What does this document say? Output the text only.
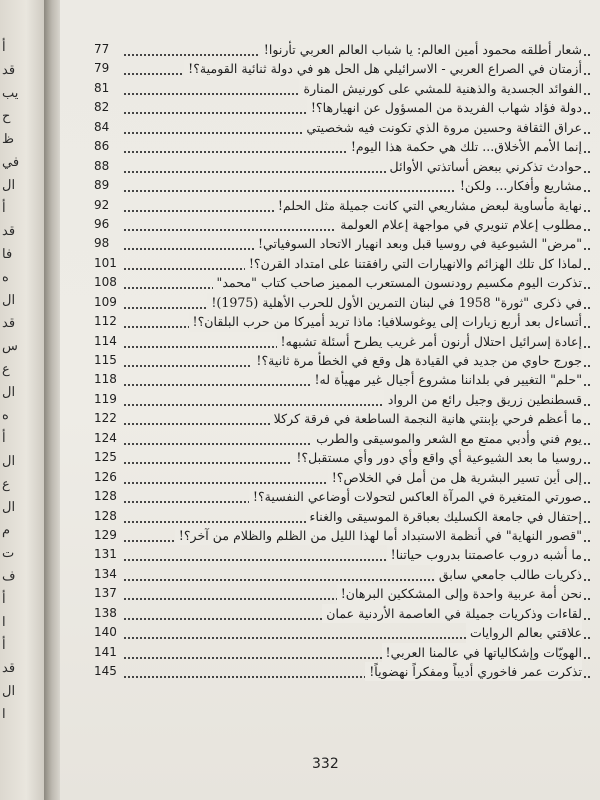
أ
قد
يب
ح
ظ
في
ال
أ
قد
فا
ه
ال
قد
س
ع
ال
ه
أ
ال
ع
ال
م
ت
ف
أ
ا
أ
قد
ال
ا
77	شعار أطلقه محمود أمين العالم: يا شباب العالم العربي تأرنوا!
79	أزمتان في الصراع العربي - الاسرائيلي هل الحل هو في دولة ثنائية القومية؟!
81	الفوائد الجسدية والذهنية للمشي على كورنيش المنارة
82	دولة فؤاد شهاب الفريدة من المسؤول عن انهيارها؟!
84	عراق الثقافة وحسين مروة الذي تكونت فيه شخصيتي
86	إنما الأمم الأخلاق... تلك هي حكمة هذا اليوم!
88	حوادث تذكرني ببعض أساتذتي الأوائل
89	مشاريع وأفكار... ولكن!
92	نهاية مأساوية لبعض مشاريعي التي كانت جميلة مثل الحلم!
96	مطلوب إعلام تنويري في مواجهة إعلام العولمة
98	"مرض" الشيوعية في روسيا قبل وبعد انهيار الاتحاد السوفياتي!
101	لماذا كل تلك الهزائم والانهيارات التي رافقتنا على امتداد القرن؟!
108	تذكرت اليوم مكسيم رودنسون المستعرب المميز صاحب كتاب "محمد"
109	في ذكرى "ثورة" 1958 في لبنان التمرين الأول للحرب الأهلية (1975)!
112	أتساءل بعد أربع زيارات إلى يوغوسلافيا: ماذا تريد أميركا من حرب البلقان؟!
114	إعادة إسرائيل احتلال أرنون أمر غريب يطرح أسئلة تشبهه!
115	جورج حاوي من جديد في القيادة هل وقع في الخطأ مرة ثانية؟!
118	"حلم" التغيير في بلداننا مشروع أجيال غير مهيأة له!
119	قسطنطين زريق وجيل رائع من الرواد
122	ما أعظم فرحي بإبنتي هانية النجمة الساطعة في فرقة كركلا
124	يوم فني وأدبي ممتع مع الشعر والموسيقى والطرب
125	روسيا ما بعد الشيوعية أي واقع وأي دور وأي مستقبل؟!
126	إلى أين تسير البشرية هل من أمل في الخلاص؟!
128	صورتي المتغيرة في المرآة العاكس لتحولات أوضاعي النفسية؟!
128	إحتفال في جامعة الكسليك بعباقرة الموسيقى والغناء
129	"قصور النهاية" في أنظمة الاستبداد أما لهذا الليل من الظلم والظلام من آخر؟!
131	ما أشبه دروب عاصمتنا بدروب حياتنا!
134	ذكريات طالب جامعي سابق
137	نحن أمة عربية واحدة وإلى المشككين البرهان!
138	لقاءات وذكريات جميلة في العاصمة الأردنية عمان
140	علاقتي بعالم الروايات
141	الهويّات وإشكالياتها في عالمنا العربي!
145	تذكرت عمر فاخوري أديباً ومفكراً نهضوياً!
332
